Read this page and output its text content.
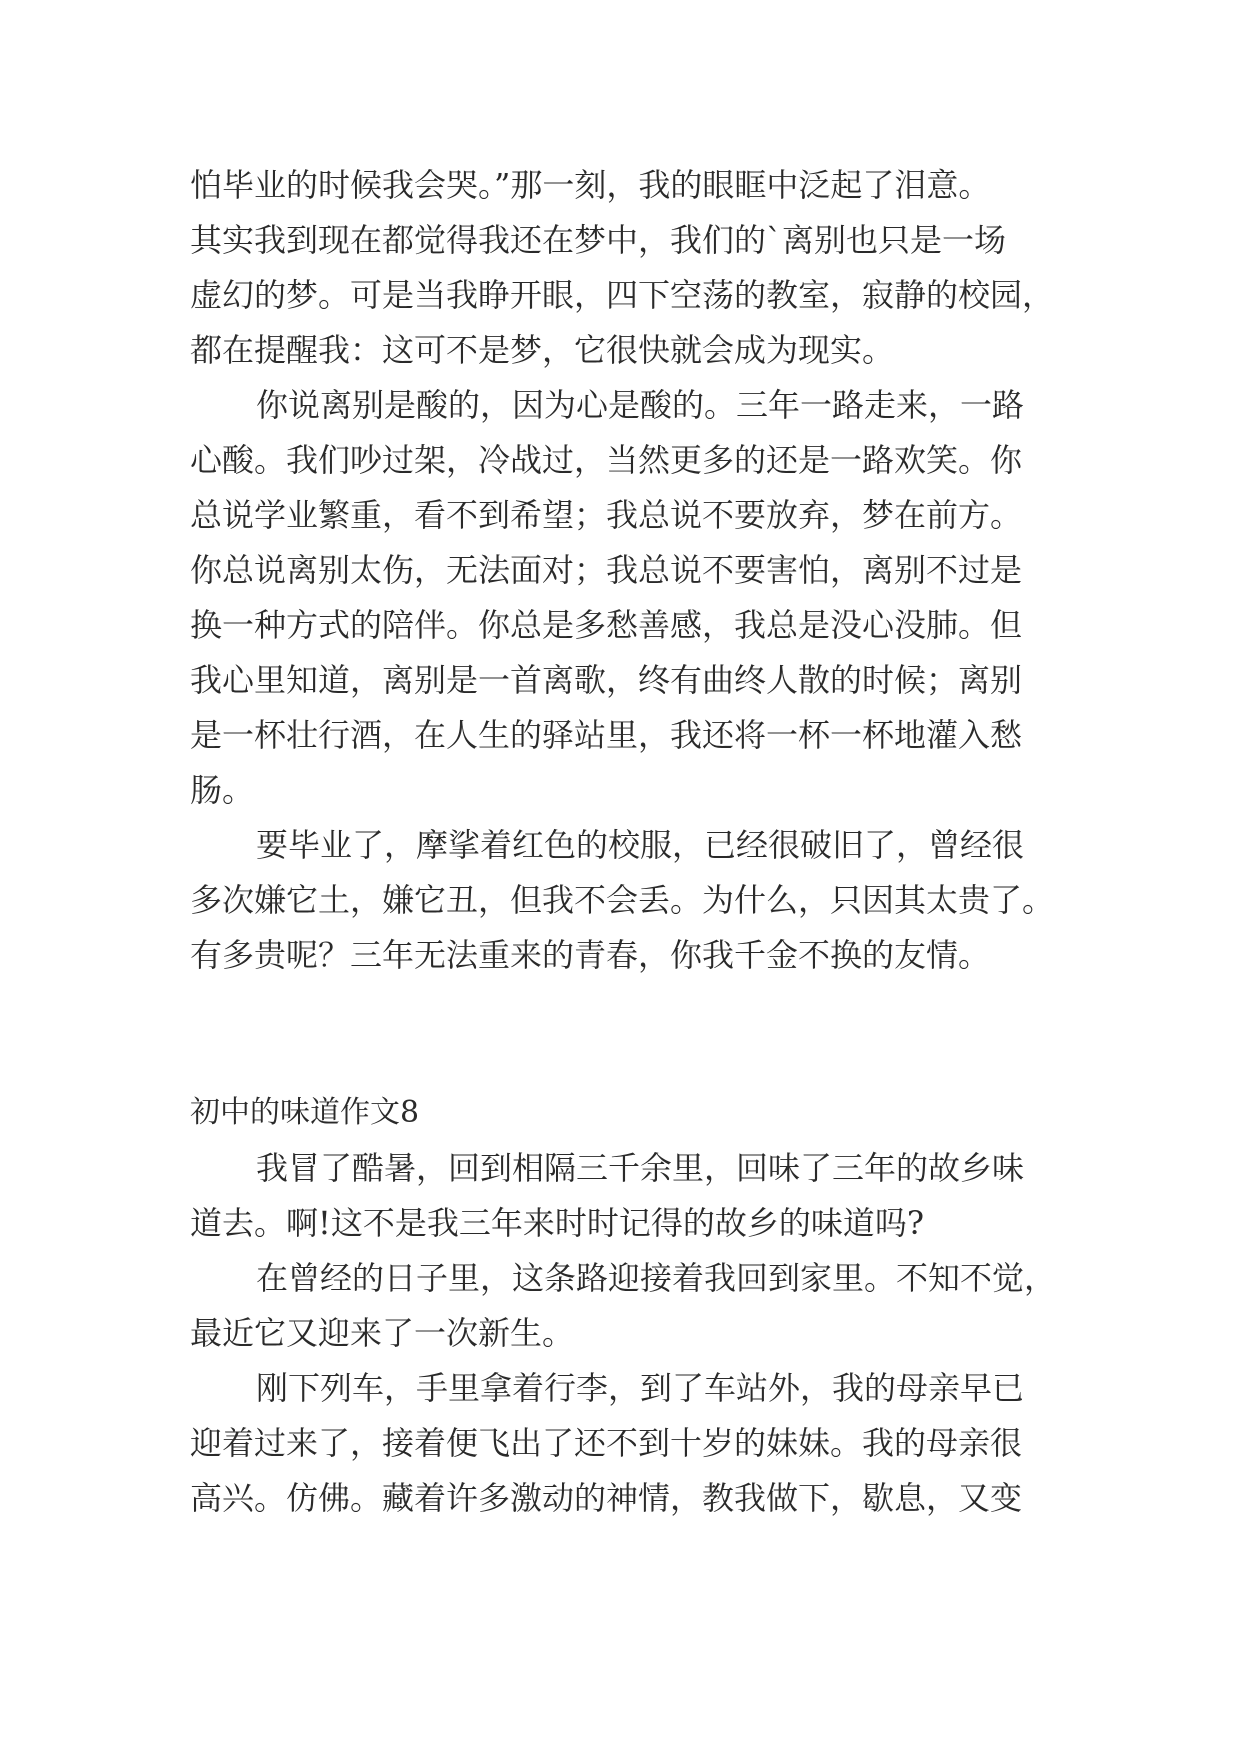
怕毕业的时候我会哭。”那一刻，我的眼眶中泛起了泪意。
其实我到现在都觉得我还在梦中，我们的`离别也只是一场
虚幻的梦。可是当我睁开眼，四下空荡的教室，寂静的校园，
都在提醒我：这可不是梦，它很快就会成为现实。
你说离别是酸的，因为心是酸的。三年一路走来，一路
心酸。我们吵过架，冷战过，当然更多的还是一路欢笑。你
总说学业繁重，看不到希望；我总说不要放弃，梦在前方。
你总说离别太伤，无法面对；我总说不要害怕，离别不过是
换一种方式的陪伴。你总是多愁善感，我总是没心没肺。但
我心里知道，离别是一首离歌，终有曲终人散的时候；离别
是一杯壮行酒，在人生的驿站里，我还将一杯一杯地灌入愁
肠。
要毕业了，摩挲着红色的校服，已经很破旧了，曾经很
多次嫌它土，嫌它丑，但我不会丢。为什么，只因其太贵了。
有多贵呢？三年无法重来的青春，你我千金不换的友情。
初中的味道作文8
我冒了酷暑，回到相隔三千余里，回味了三年的故乡味
道去。啊!这不是我三年来时时记得的故乡的味道吗?
在曾经的日子里，这条路迎接着我回到家里。不知不觉，
最近它又迎来了一次新生。
刚下列车，手里拿着行李，到了车站外，我的母亲早已
迎着过来了，接着便飞出了还不到十岁的妹妹。我的母亲很
高兴。仿佛。藏着许多激动的神情，教我做下，歇息，又变
